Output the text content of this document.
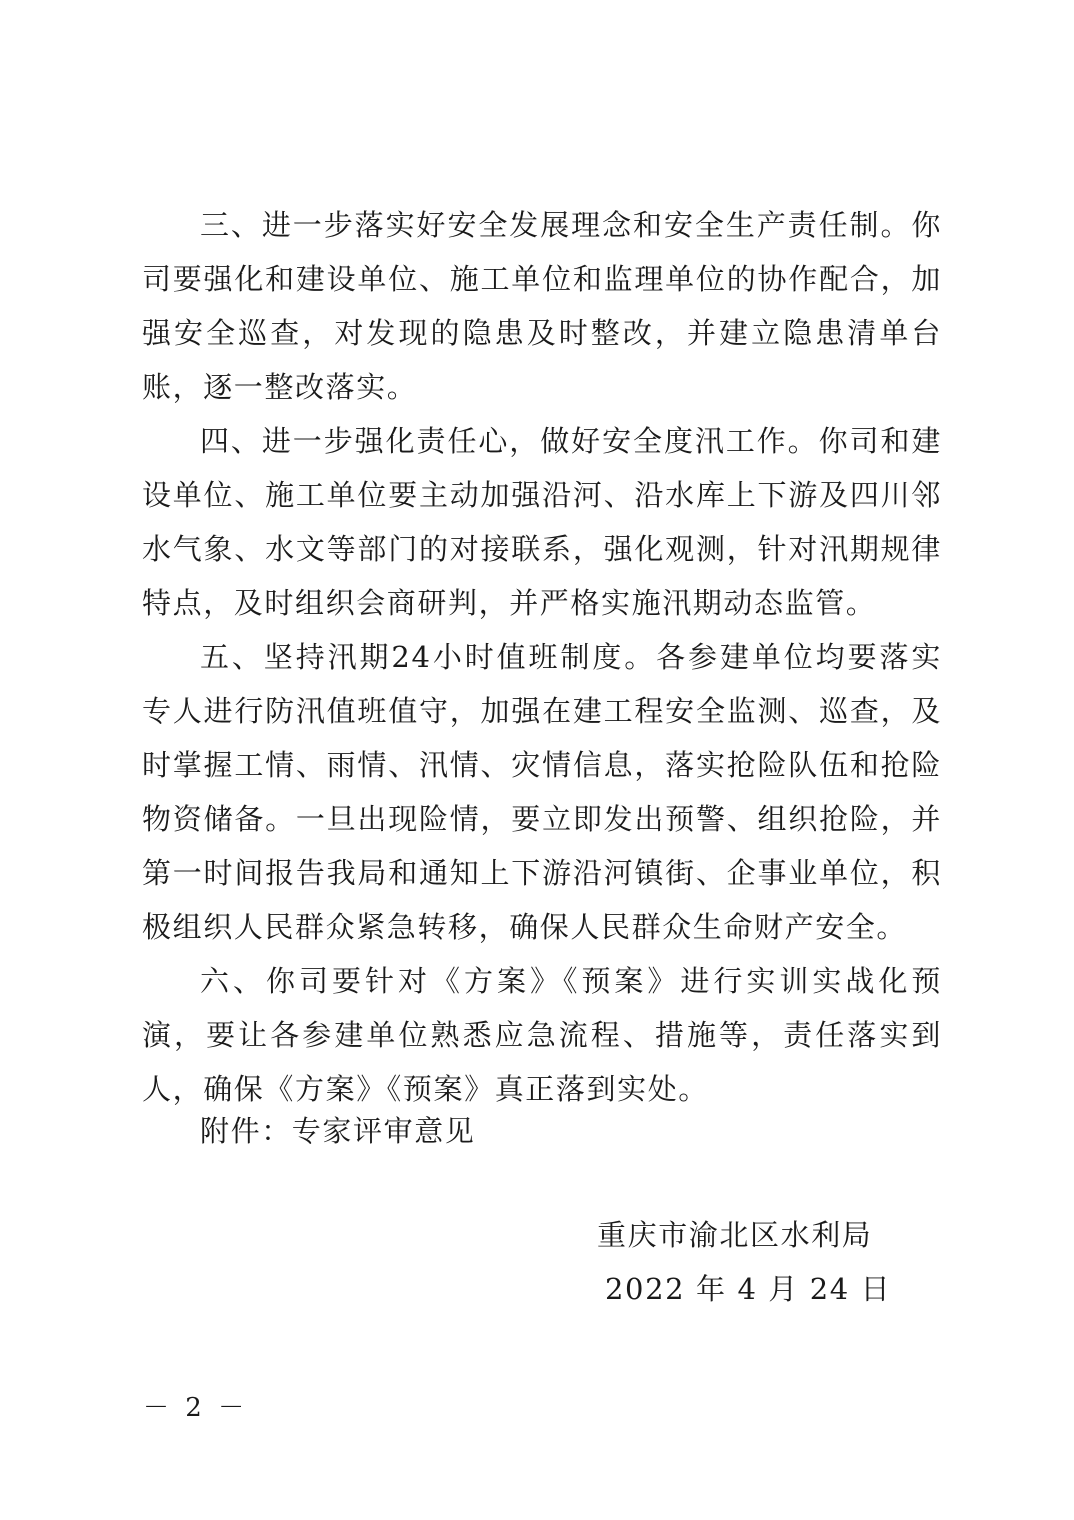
三、进一步落实好安全发展理念和安全生产责任制。你司要强化和建设单位、施工单位和监理单位的协作配合，加强安全巡查，对发现的隐患及时整改，并建立隐患清单台账，逐一整改落实。

四、进一步强化责任心，做好安全度汛工作。你司和建设单位、施工单位要主动加强沿河、沿水库上下游及四川邻水气象、水文等部门的对接联系，强化观测，针对汛期规律特点，及时组织会商研判，并严格实施汛期动态监管。

五、坚持汛期24小时值班制度。各参建单位均要落实专人进行防汛值班值守，加强在建工程安全监测、巡查，及时掌握工情、雨情、汛情、灾情信息，落实抢险队伍和抢险物资储备。一旦出现险情，要立即发出预警、组织抢险，并第一时间报告我局和通知上下游沿河镇街、企事业单位，积极组织人民群众紧急转移，确保人民群众生命财产安全。

六、你司要针对《方案》《预案》进行实训实战化预演，要让各参建单位熟悉应急流程、措施等，责任落实到人，确保《方案》《预案》真正落到实处。

附件：专家评审意见
重庆市渝北区水利局
2022 年 4 月 24 日
－ 2 －
